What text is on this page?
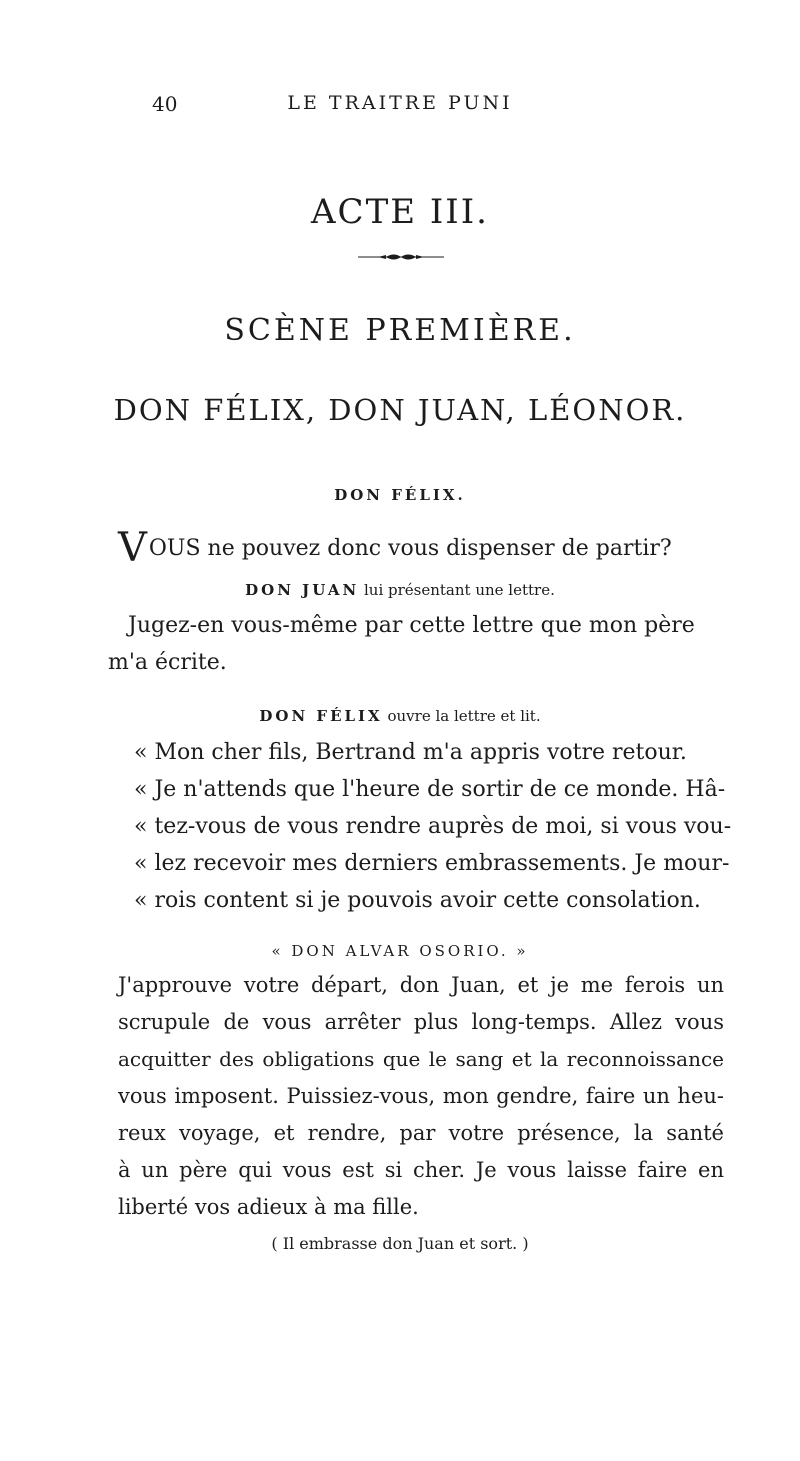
40	LE TRAITRE PUNI
ACTE III.
SCÈNE PREMIÈRE.
DON FÉLIX, DON JUAN, LÉONOR.
DON FÉLIX.
VOUS ne pouvez donc vous dispenser de partir?
DON JUAN lui présentant une lettre.
Jugez-en vous-même par cette lettre que mon père
m'a écrite.
DON FÉLIX ouvre la lettre et lit.
« Mon cher fils, Bertrand m'a appris votre retour.
« Je n'attends que l'heure de sortir de ce monde. Hâ-
« tez-vous de vous rendre auprès de moi, si vous vou-
« lez recevoir mes derniers embrassements. Je mour-
« rois content si je pouvois avoir cette consolation.
« DON ALVAR OSORIO. »
J'approuve votre départ, don Juan, et je me ferois un
scrupule de vous arrêter plus long-temps. Allez vous
acquitter des obligations que le sang et la reconnoissance
vous imposent. Puissiez-vous, mon gendre, faire un heu-
reux voyage, et rendre, par votre présence, la santé
à un père qui vous est si cher. Je vous laisse faire en
liberté vos adieux à ma fille.
( Il embrasse don Juan et sort. )
